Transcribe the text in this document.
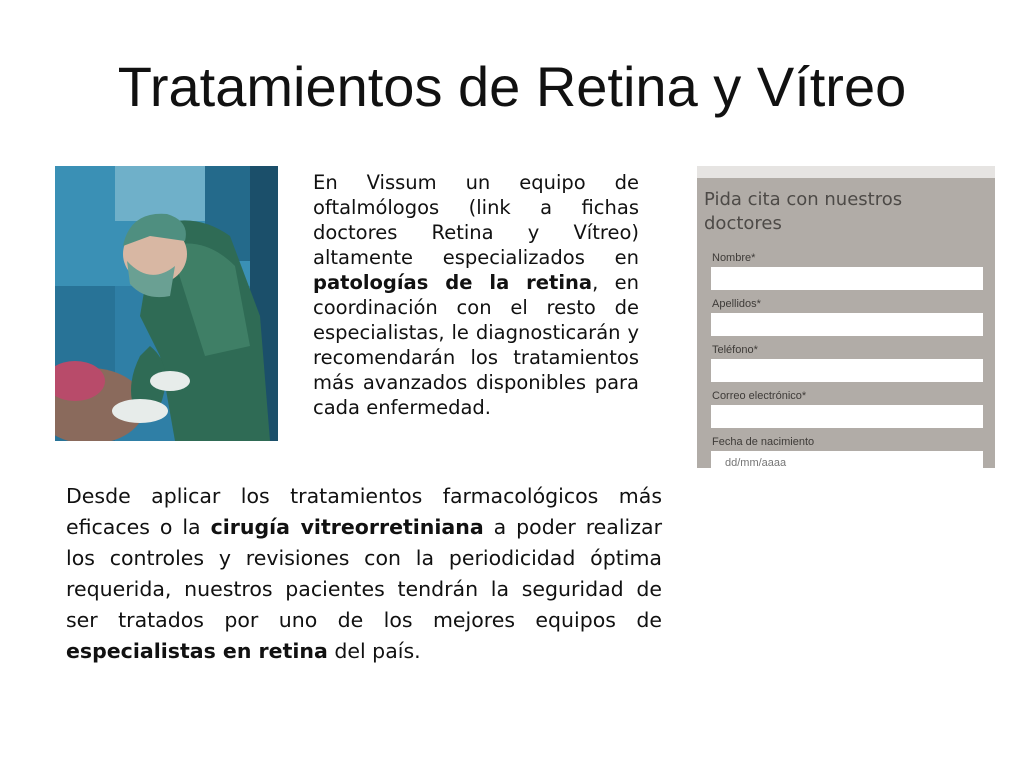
Tratamientos de Retina y Vítreo
En Vissum un equipo de oftalmólogos (link a fichas doctores Retina y Vítreo) altamente especializados en patologías de la retina, en coordinación con el resto de especialistas, le diagnosticarán y recomendarán los tratamientos más avanzados disponibles para cada enfermedad.
Desde aplicar los tratamientos farmacológicos más eficaces o la cirugía vitreorretiniana a poder realizar los controles y revisiones con la periodicidad óptima requerida, nuestros pacientes tendrán la seguridad de ser tratados por uno de los mejores equipos de especialistas en retina del país.
Pida cita con nuestros doctores
Nombre*
Apellidos*
Teléfono*
Correo electrónico*
Fecha de nacimiento
dd/mm/aaaa
